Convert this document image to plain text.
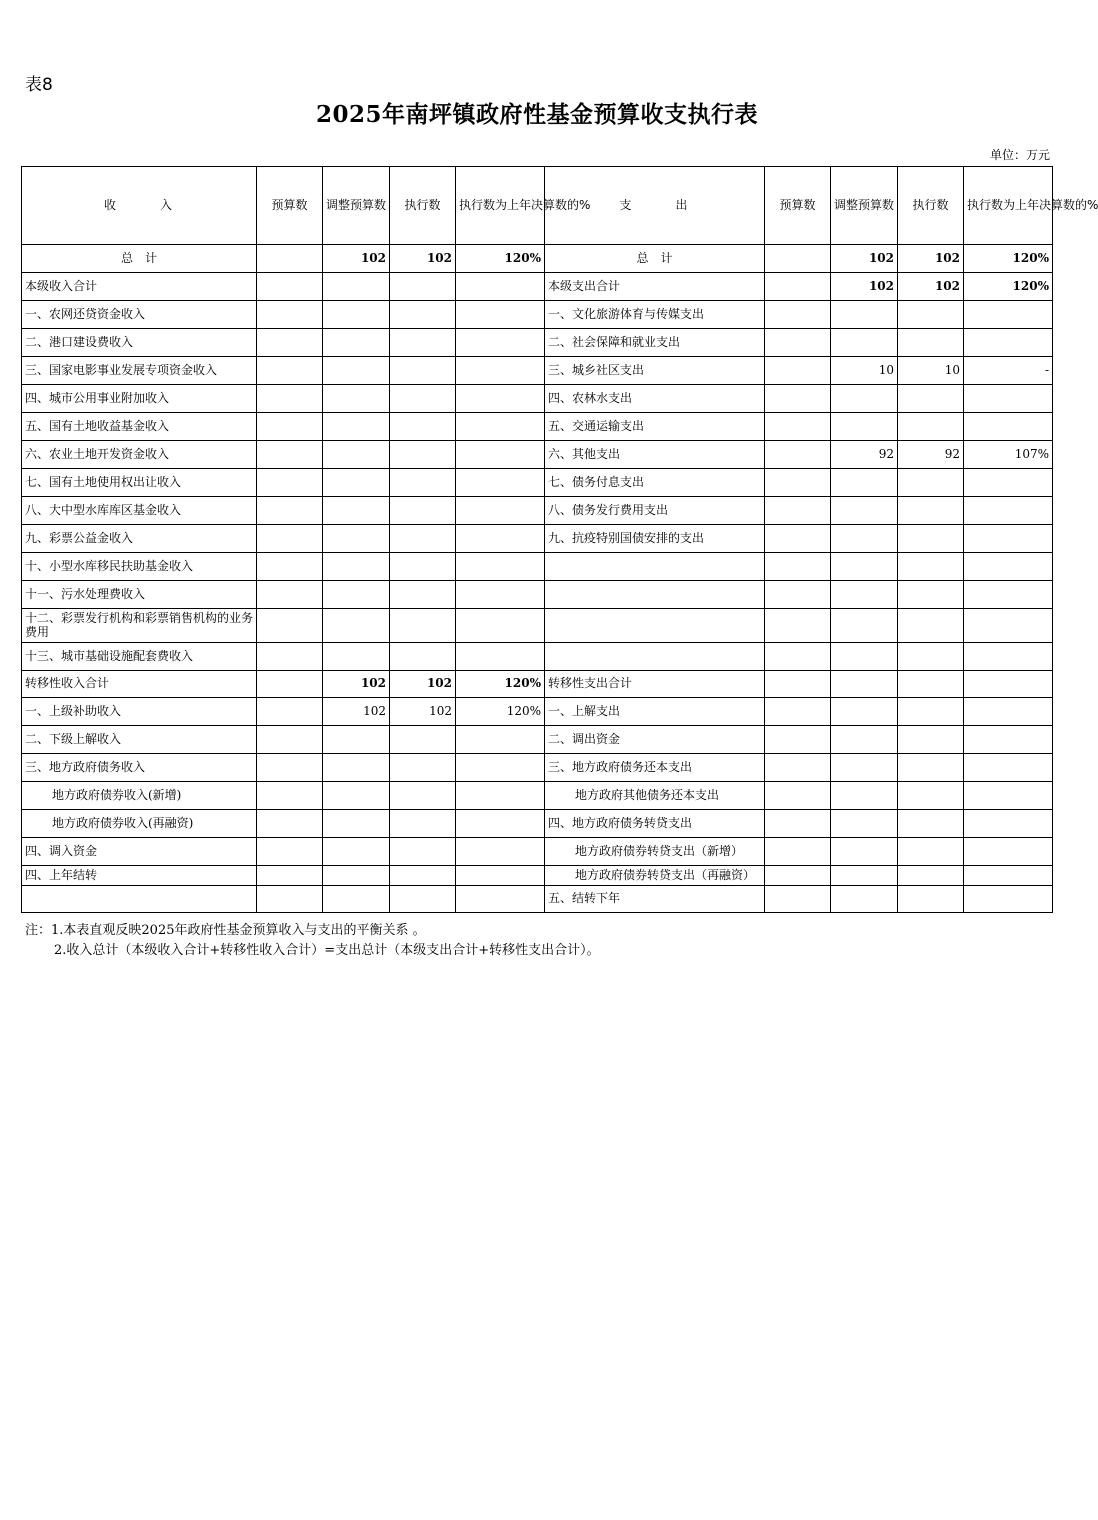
表8
2025年南坪镇政府性基金预算收支执行表
单位：万元
收　　　入	预算数	调整预算数	执行数	执行数为上年决算数的%	支　　　出	预算数	调整预算数	执行数	执行数为上年决算数的%
总　计		102	102	120%	总　计		102	102	120%
本级收入合计					本级支出合计		102	102	120%
一、农网还贷资金收入					一、文化旅游体育与传媒支出				
二、港口建设费收入					二、社会保障和就业支出				
三、国家电影事业发展专项资金收入					三、城乡社区支出		10	10	-
四、城市公用事业附加收入					四、农林水支出				
五、国有土地收益基金收入					五、交通运输支出				
六、农业土地开发资金收入					六、其他支出		92	92	107%
七、国有土地使用权出让收入					七、债务付息支出				
八、大中型水库库区基金收入					八、债务发行费用支出				
九、彩票公益金收入					九、抗疫特别国债安排的支出				
十、小型水库移民扶助基金收入									
十一、污水处理费收入									
十二、彩票发行机构和彩票销售机构的业务费用									
十三、城市基础设施配套费收入									
转移性收入合计		102	102	120%	转移性支出合计				
一、上级补助收入		102	102	120%	一、上解支出				
二、下级上解收入					二、调出资金				
三、地方政府债务收入					三、地方政府债务还本支出				
地方政府债券收入(新增)					地方政府其他债务还本支出				
地方政府债券收入(再融资)					四、地方政府债务转贷支出				
四、调入资金					地方政府债券转贷支出（新增）				
四、上年结转					地方政府债券转贷支出（再融资）				
					五、结转下年				
注：1.本表直观反映2025年政府性基金预算收入与支出的平衡关系 。
2.收入总计（本级收入合计+转移性收入合计）=支出总计（本级支出合计+转移性支出合计）。
